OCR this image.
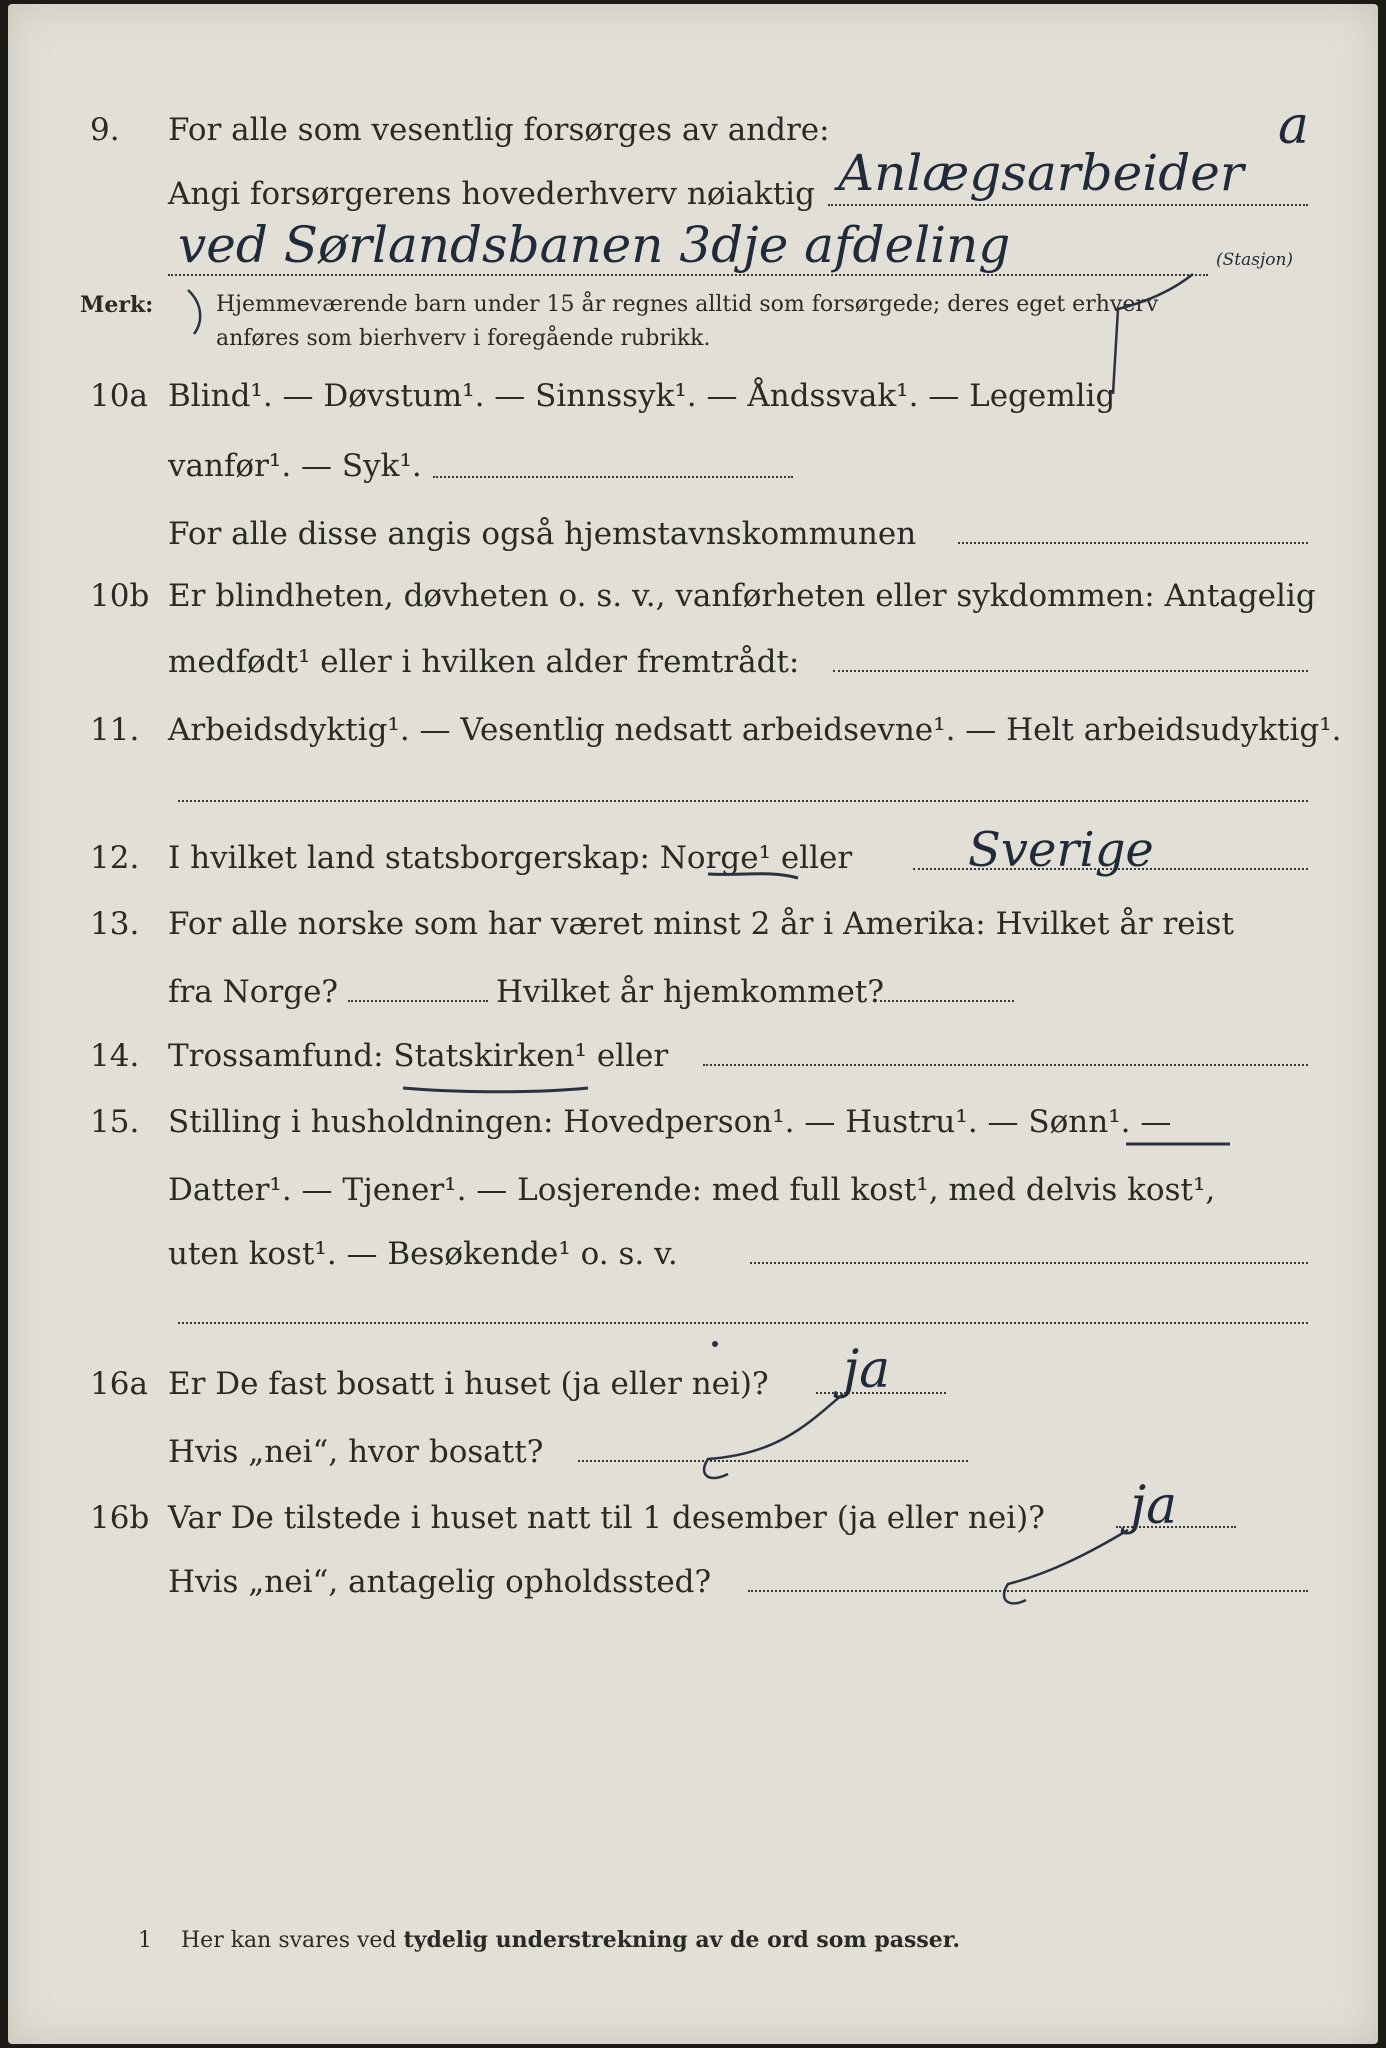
9. For alle som vesentlig forsørges av andre:	a
Angi forsørgerens hovederhverv nøiaktig Anlægsarbeider
ved Sørlandsbanen 3dje afdeling	(Stasjon)
Merk:	Hjemmeværende barn under 15 år regnes alltid som forsørgede; deres eget erhverv
anføres som bierhverv i foregående rubrikk.
10a Blind¹. — Døvstum¹. — Sinnssyk¹. — Åndssvak¹. — Legemlig
vanfør¹. — Syk¹.
For alle disse angis også hjemstavnskommunen
10b Er blindheten, døvheten o. s. v., vanførheten eller sykdommen: Antagelig
medfødt¹ eller i hvilken alder fremtrådt:
11. Arbeidsdyktig¹. — Vesentlig nedsatt arbeidsevne¹. — Helt arbeidsudyktig¹.
12. I hvilket land statsborgerskap: Norge¹ eller Sverige
13. For alle norske som har været minst 2 år i Amerika: Hvilket år reist
fra Norge?	Hvilket år hjemkommet?
14. Trossamfund: Statskirken¹ eller
15. Stilling i husholdningen: Hovedperson¹. — Hustru¹. — Sønn¹. —
Datter¹. — Tjener¹. — Losjerende: med full kost¹, med delvis kost¹,
uten kost¹. — Besøkende¹ o. s. v.
16a Er De fast bosatt i huset (ja eller nei)? ja
Hvis „nei“, hvor bosatt?
16b Var De tilstede i huset natt til 1 desember (ja eller nei)? ja
Hvis „nei“, antagelig opholdssted?
1 Her kan svares ved tydelig understrekning av de ord som passer.
